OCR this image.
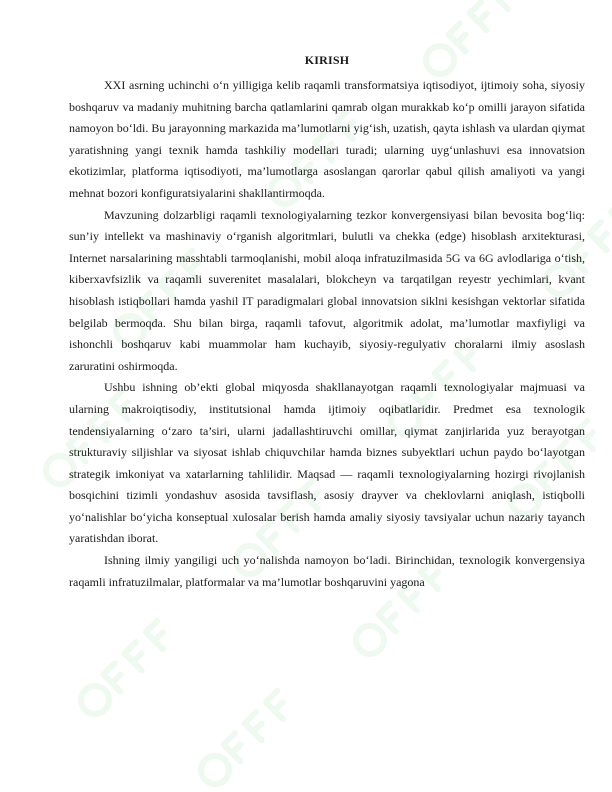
KIRISH

XXI asrning uchinchi o‘n yilligiga kelib raqamli transformatsiya iqtisodiyot, ijtimoiy soha, siyosiy boshqaruv va madaniy muhitning barcha qatlamlarini qamrab olgan murakkab ko‘p omilli jarayon sifatida namoyon bo‘ldi. Bu jarayonning markazida ma’lumotlarni yig‘ish, uzatish, qayta ishlash va ulardan qiymat yaratishning yangi texnik hamda tashkiliy modellari turadi; ularning uyg‘unlashuvi esa innovatsion ekotizimlar, platforma iqtisodiyoti, ma’lumotlarga asoslangan qarorlar qabul qilish amaliyoti va yangi mehnat bozori konfiguratsiyalarini shakllantirmoqda.

Mavzuning dolzarbligi raqamli texnologiyalarning tezkor konvergensiyasi bilan bevosita bog‘liq: sun’iy intellekt va mashinaviy o‘rganish algoritmlari, bulutli va chekka (edge) hisoblash arxitekturasi, Internet narsalarining masshtabli tarmoqlanishi, mobil aloqa infratuzilmasida 5G va 6G avlodlariga o‘tish, kiberxavfsizlik va raqamli suverenitet masalalari, blokcheyn va tarqatilgan reyestr yechimlari, kvant hisoblash istiqbollari hamda yashil IT paradigmalari global innovatsion siklni kesishgan vektorlar sifatida belgilab bermoqda. Shu bilan birga, raqamli tafovut, algoritmik adolat, ma’lumotlar maxfiyligi va ishonchli boshqaruv kabi muammolar ham kuchayib, siyosiy-regulyativ choralarni ilmiy asoslash zaruratini oshirmoqda.

Ushbu ishning ob’ekti global miqyosda shakllanayotgan raqamli texnologiyalar majmuasi va ularning makroiqtisodiy, institutsional hamda ijtimoiy oqibatlaridir. Predmet esa texnologik tendensiyalarning o‘zaro ta’siri, ularni jadallashtiruvchi omillar, qiymat zanjirlarida yuz berayotgan strukturaviy siljishlar va siyosat ishlab chiquvchilar hamda biznes subyektlari uchun paydo bo‘layotgan strategik imkoniyat va xatarlarning tahlilidir. Maqsad — raqamli texnologiyalarning hozirgi rivojlanish bosqichini tizimli yondashuv asosida tavsiflash, asosiy drayver va cheklovlarni aniqlash, istiqbolli yo‘nalishlar bo‘yicha konseptual xulosalar berish hamda amaliy siyosiy tavsiyalar uchun nazariy tayanch yaratishdan iborat.

Ishning ilmiy yangiligi uch yo‘nalishda namoyon bo‘ladi. Birinchidan, texnologik konvergensiya raqamli infratuzilmalar, platformalar va ma’lumotlar boshqaruvini yagona
